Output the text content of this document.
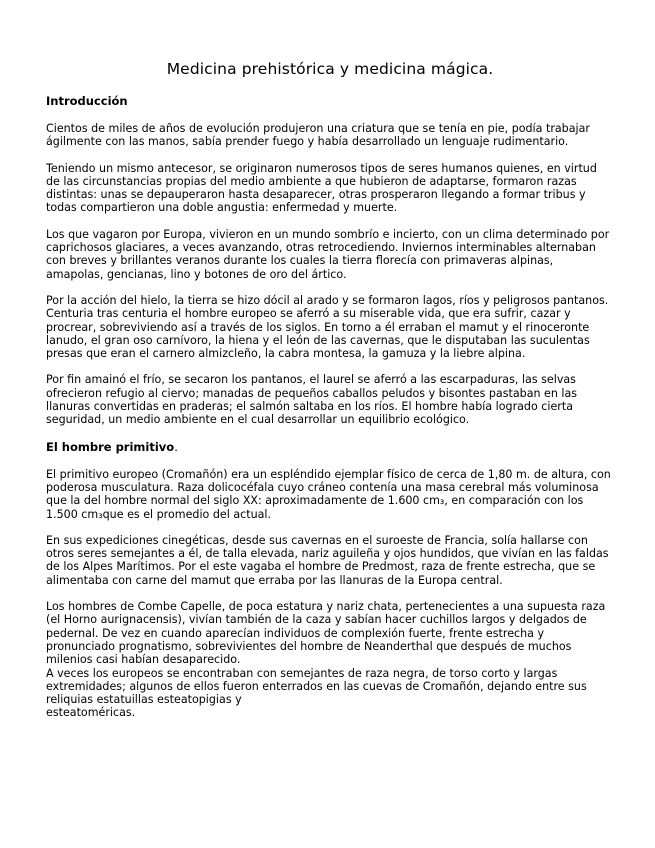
Medicina prehistórica y medicina mágica.
Introducción

Cientos de miles de años de evolución produjeron una criatura que se tenía en pie, podía trabajar ágilmente con las manos, sabía prender fuego y había desarrollado un lenguaje rudimentario.

Teniendo un mismo antecesor, se originaron numerosos tipos de seres humanos quienes, en virtud de las circunstancias propias del medio ambiente a que hubieron de adaptarse, formaron razas distintas: unas se depauperaron hasta desaparecer, otras prosperaron llegando a formar tribus y todas compartieron una doble angustia: enfermedad y muerte.

Los que vagaron por Europa, vivieron en un mundo sombrío e incierto, con un clima determinado por caprichosos glaciares, a veces avanzando, otras retrocediendo. Inviernos interminables alternaban con breves y brillantes veranos durante los cuales la tierra florecía con primaveras alpinas, amapolas, gencianas, lino y botones de oro del ártico.

Por la acción del hielo, la tierra se hizo dócil al arado y se formaron lagos, ríos y peligrosos pantanos. Centuria tras centuria el hombre europeo se aferró a su miserable vida, que era sufrir, cazar y procrear, sobreviviendo así a través de los siglos. En torno a él erraban el mamut y el rinoceronte lanudo, el gran oso carnívoro, la hiena y el león de las cavernas, que le disputaban las suculentas presas que eran el carnero almizcleño, la cabra montesa, la gamuza y la liebre alpina.

Por fin amainó el frío, se secaron los pantanos, el laurel se aferró a las escarpaduras, las selvas ofrecieron refugio al ciervo; manadas de pequeños caballos peludos y bisontes pastaban en las llanuras convertidas en praderas; el salmón saltaba en los ríos. El hombre había logrado cierta seguridad, un medio ambiente en el cual desarrollar un equilibrio ecológico.

El hombre primitivo.

El primitivo europeo (Cromañón) era un espléndido ejemplar físico de cerca de 1,80 m. de altura, con poderosa musculatura. Raza dolicocéfala cuyo cráneo contenía una masa cerebral más voluminosa que la del hombre normal del siglo XX: aproximadamente de 1.600 cm₃, en comparación con los 1.500 cm₃que es el promedio del actual.

En sus expediciones cinegéticas, desde sus cavernas en el suroeste de Francia, solía hallarse con otros seres semejantes a él, de talla elevada, nariz aguileña y ojos hundidos, que vivían en las faldas de los Alpes Marítimos. Por el este vagaba el hombre de Predmost, raza de frente estrecha, que se alimentaba con carne del mamut que erraba por las llanuras de la Europa central.

Los hombres de Combe Capelle, de poca estatura y nariz chata, pertenecientes a una supuesta raza (el Horno aurignacensis), vivían también de la caza y sabían hacer cuchillos largos y delgados de pedernal. De vez en cuando aparecían individuos de complexión fuerte, frente estrecha y pronunciado prognatismo, sobrevivientes del hombre de Neanderthal que después de muchos milenios casi habían desaparecido.

A veces los europeos se encontraban con semejantes de raza negra, de torso corto y largas extremidades; algunos de ellos fueron enterrados en las cuevas de Cromañón, dejando entre sus reliquias estatuillas esteatopigias y

esteatoméricas.
